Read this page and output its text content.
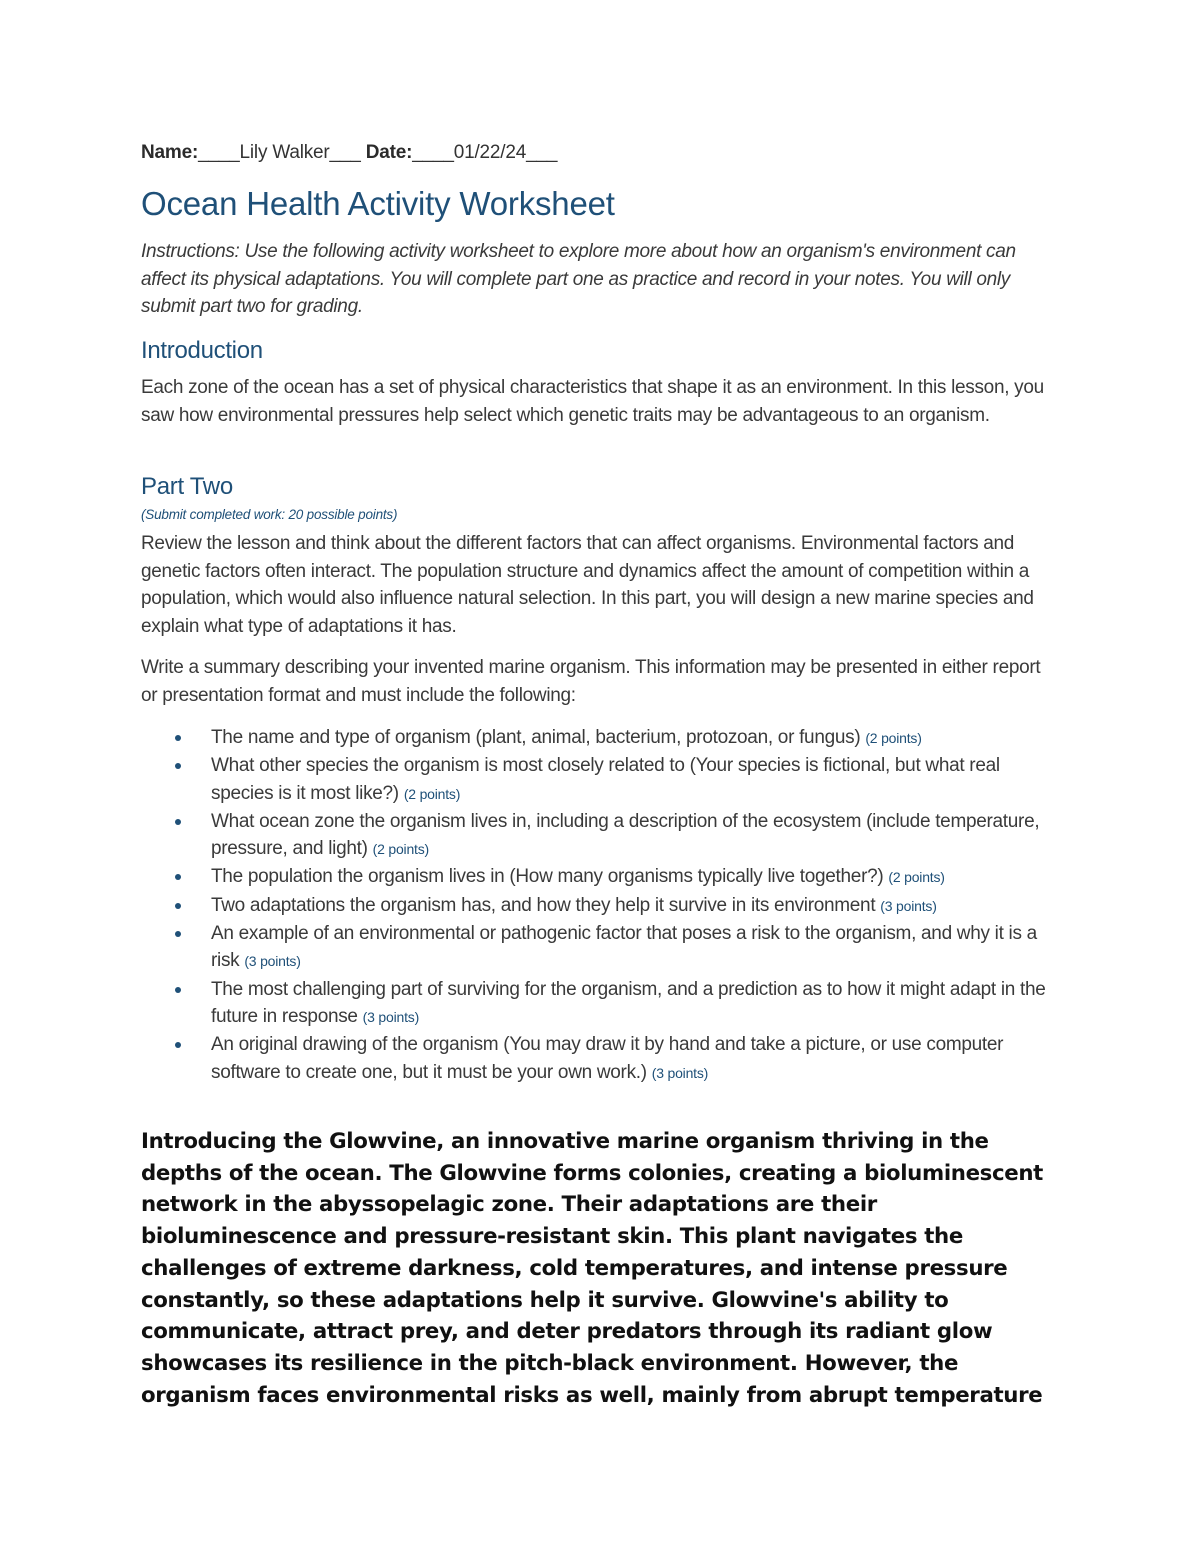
Name:____Lily Walker___ Date:____01/22/24___
Ocean Health Activity Worksheet

Instructions: Use the following activity worksheet to explore more about how an organism's environment can affect its physical adaptations. You will complete part one as practice and record in your notes. You will only submit part two for grading.

Introduction

Each zone of the ocean has a set of physical characteristics that shape it as an environment. In this lesson, you saw how environmental pressures help select which genetic traits may be advantageous to an organism.

Part Two
(Submit completed work: 20 possible points)

Review the lesson and think about the different factors that can affect organisms. Environmental factors and genetic factors often interact. The population structure and dynamics affect the amount of competition within a population, which would also influence natural selection. In this part, you will design a new marine species and explain what type of adaptations it has.

Write a summary describing your invented marine organism. This information may be presented in either report or presentation format and must include the following:

The name and type of organism (plant, animal, bacterium, protozoan, or fungus) (2 points)
What other species the organism is most closely related to (Your species is fictional, but what real species is it most like?) (2 points)
What ocean zone the organism lives in, including a description of the ecosystem (include temperature, pressure, and light) (2 points)
The population the organism lives in (How many organisms typically live together?) (2 points)
Two adaptations the organism has, and how they help it survive in its environment (3 points)
An example of an environmental or pathogenic factor that poses a risk to the organism, and why it is a risk (3 points)
The most challenging part of surviving for the organism, and a prediction as to how it might adapt in the future in response (3 points)
An original drawing of the organism (You may draw it by hand and take a picture, or use computer software to create one, but it must be your own work.) (3 points)

Introducing the Glowvine, an innovative marine organism thriving in the depths of the ocean. The Glowvine forms colonies, creating a bioluminescent network in the abyssopelagic zone. Their adaptations are their bioluminescence and pressure-resistant skin. This plant navigates the challenges of extreme darkness, cold temperatures, and intense pressure constantly, so these adaptations help it survive. Glowvine's ability to communicate, attract prey, and deter predators through its radiant glow showcases its resilience in the pitch-black environment. However, the organism faces environmental risks as well, mainly from abrupt temperature
